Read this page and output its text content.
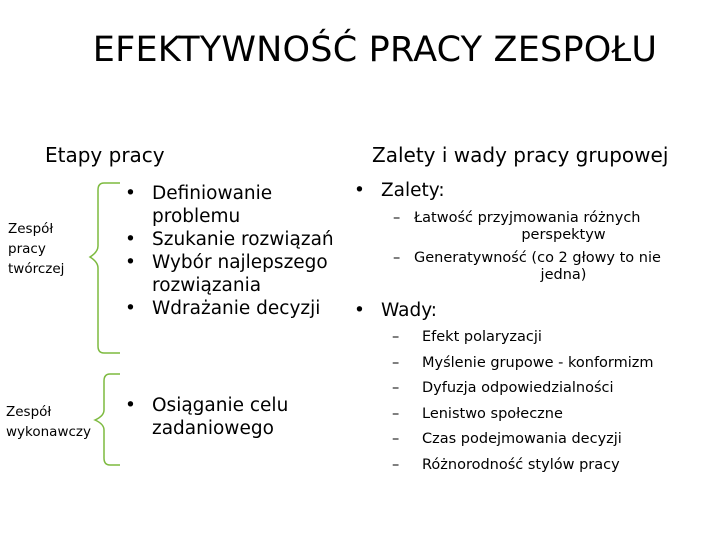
EFEKTYWNOŚĆ PRACY ZESPOŁU
Etapy pracy	Zalety i wady pracy grupowej
Zespół
pracy
twórczej
• Definiowanie
problemu
• Szukanie rozwiązań
• Wybór najlepszego
rozwiązania
• Wdrażanie decyzji
Zespół
wykonawczy
• Osiąganie celu
zadaniowego
• Zalety:
– Łatwość przyjmowania różnych
perspektyw
– Generatywność (co 2 głowy to nie
jedna)
• Wady:
– Efekt polaryzacji
– Myślenie grupowe - konformizm
– Dyfuzja odpowiedzialności
– Lenistwo społeczne
– Czas podejmowania decyzji
– Różnorodność stylów pracy
